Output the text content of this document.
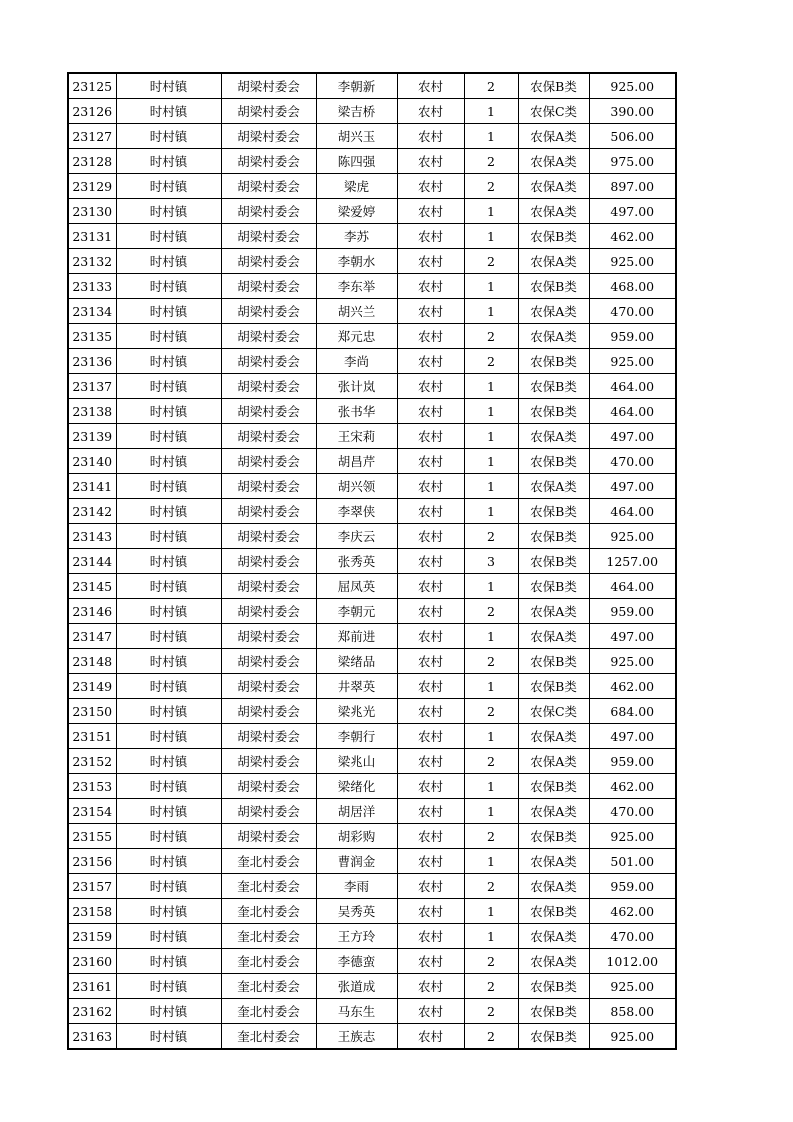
23125	时村镇	胡梁村委会	李朝新	农村	2	农保B类	925.00
23126	时村镇	胡梁村委会	梁吉桥	农村	1	农保C类	390.00
23127	时村镇	胡梁村委会	胡兴玉	农村	1	农保A类	506.00
23128	时村镇	胡梁村委会	陈四强	农村	2	农保A类	975.00
23129	时村镇	胡梁村委会	梁虎	农村	2	农保A类	897.00
23130	时村镇	胡梁村委会	梁爱婷	农村	1	农保A类	497.00
23131	时村镇	胡梁村委会	李苏	农村	1	农保B类	462.00
23132	时村镇	胡梁村委会	李朝水	农村	2	农保A类	925.00
23133	时村镇	胡梁村委会	李东举	农村	1	农保B类	468.00
23134	时村镇	胡梁村委会	胡兴兰	农村	1	农保A类	470.00
23135	时村镇	胡梁村委会	郑元忠	农村	2	农保A类	959.00
23136	时村镇	胡梁村委会	李尚	农村	2	农保B类	925.00
23137	时村镇	胡梁村委会	张计岚	农村	1	农保B类	464.00
23138	时村镇	胡梁村委会	张书华	农村	1	农保B类	464.00
23139	时村镇	胡梁村委会	王宋莉	农村	1	农保A类	497.00
23140	时村镇	胡梁村委会	胡昌芹	农村	1	农保B类	470.00
23141	时村镇	胡梁村委会	胡兴领	农村	1	农保A类	497.00
23142	时村镇	胡梁村委会	李翠侠	农村	1	农保B类	464.00
23143	时村镇	胡梁村委会	李庆云	农村	2	农保B类	925.00
23144	时村镇	胡梁村委会	张秀英	农村	3	农保B类	1257.00
23145	时村镇	胡梁村委会	屈凤英	农村	1	农保B类	464.00
23146	时村镇	胡梁村委会	李朝元	农村	2	农保A类	959.00
23147	时村镇	胡梁村委会	郑前进	农村	1	农保A类	497.00
23148	时村镇	胡梁村委会	梁绪品	农村	2	农保B类	925.00
23149	时村镇	胡梁村委会	井翠英	农村	1	农保B类	462.00
23150	时村镇	胡梁村委会	梁兆光	农村	2	农保C类	684.00
23151	时村镇	胡梁村委会	李朝行	农村	1	农保A类	497.00
23152	时村镇	胡梁村委会	梁兆山	农村	2	农保A类	959.00
23153	时村镇	胡梁村委会	梁绪化	农村	1	农保B类	462.00
23154	时村镇	胡梁村委会	胡居洋	农村	1	农保A类	470.00
23155	时村镇	胡梁村委会	胡彩购	农村	2	农保B类	925.00
23156	时村镇	奎北村委会	曹润金	农村	1	农保A类	501.00
23157	时村镇	奎北村委会	李雨	农村	2	农保A类	959.00
23158	时村镇	奎北村委会	吴秀英	农村	1	农保B类	462.00
23159	时村镇	奎北村委会	王方玲	农村	1	农保A类	470.00
23160	时村镇	奎北村委会	李德蛮	农村	2	农保A类	1012.00
23161	时村镇	奎北村委会	张道成	农村	2	农保B类	925.00
23162	时村镇	奎北村委会	马东生	农村	2	农保B类	858.00
23163	时村镇	奎北村委会	王族志	农村	2	农保B类	925.00
